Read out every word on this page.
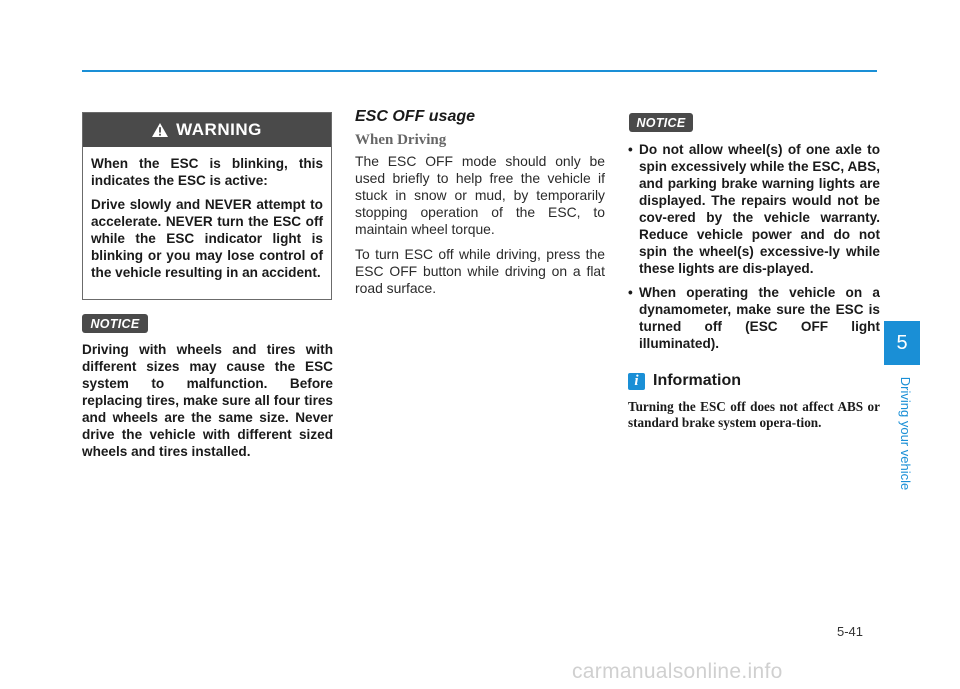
WARNING

When the ESC is blinking, this indicates the ESC is active:

Drive slowly and NEVER attempt to accelerate. NEVER turn the ESC off while the ESC indicator light is blinking or you may lose control of the vehicle resulting in an accident.

NOTICE
Driving with wheels and tires with different sizes may cause the ESC system to malfunction. Before replacing tires, make sure all four tires and wheels are the same size. Never drive the vehicle with different sized wheels and tires installed.
ESC OFF usage
When Driving

The ESC OFF mode should only be used briefly to help free the vehicle if stuck in snow or mud, by temporarily stopping operation of the ESC, to maintain wheel torque.

To turn ESC off while driving, press the ESC OFF button while driving on a flat road surface.

NOTICE
• Do not allow wheel(s) of one axle to spin excessively while the ESC, ABS, and parking brake warning lights are displayed. The repairs would not be cov-ered by the vehicle warranty. Reduce vehicle power and do not spin the wheel(s) excessive-ly while these lights are dis-played.
• When operating the vehicle on a dynamometer, make sure the ESC is turned off (ESC OFF light illuminated).
i Information
Turning the ESC off does not affect ABS or standard brake system opera-tion.
5
Driving your vehicle
5-41
carmanualsonline.info
